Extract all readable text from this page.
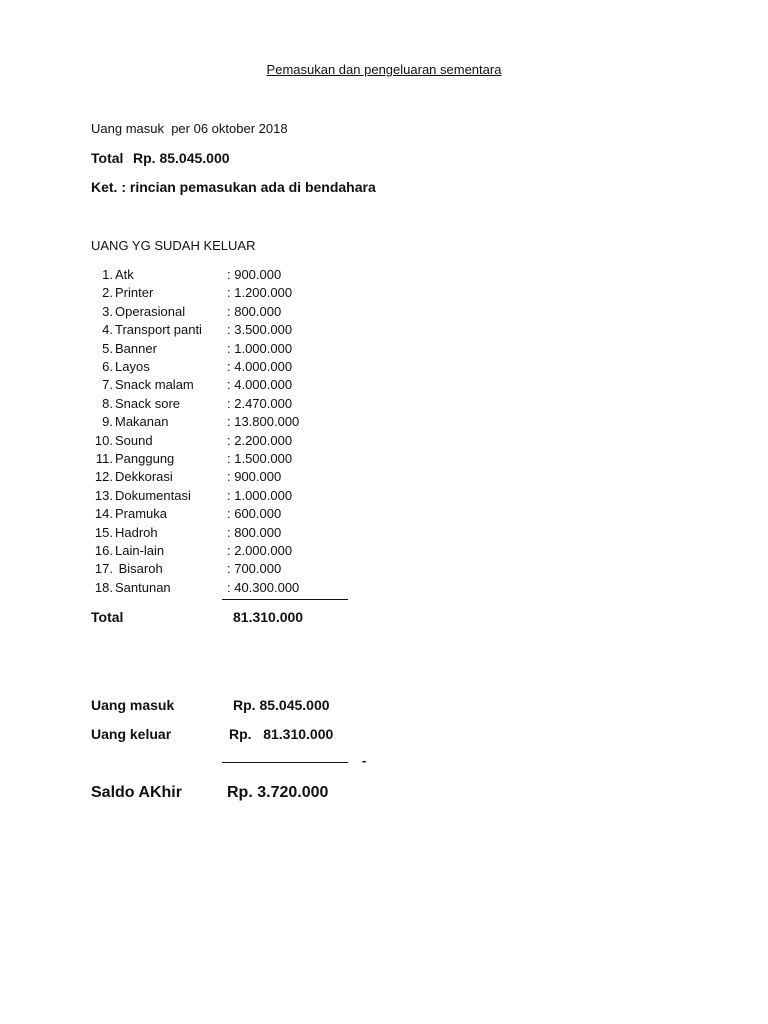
Pemasukan dan pengeluaran sementara
Uang masuk  per 06 oktober 2018
Total Rp. 85.045.000
Ket. : rincian pemasukan ada di bendahara
UANG YG SUDAH KELUAR
1. Atk	: 900.000
2. Printer	: 1.200.000
3. Operasional	: 800.000
4. Transport panti : 3.500.000
5. Banner	: 1.000.000
6. Layos	: 4.000.000
7. Snack malam	: 4.000.000
8. Snack sore	: 2.470.000
9. Makanan	: 13.800.000
10. Sound	: 2.200.000
11. Panggung	: 1.500.000
12. Dekkorasi	: 900.000
13. Dokumentasi	: 1.000.000
14. Pramuka	: 600.000
15. Hadroh	: 800.000
16. Lain-lain	: 2.000.000
17. Bisaroh	: 700.000
18. Santunan	: 40.300.000
Total	81.310.000
Uang masuk	Rp. 85.045.000
Uang keluar	Rp.   81.310.000
-
Saldo AKhir	Rp. 3.720.000
